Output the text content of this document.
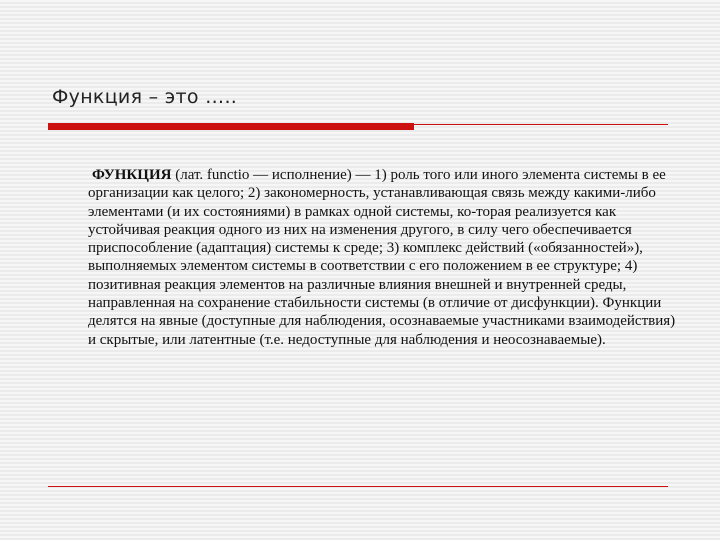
Функция – это …..

ФУНКЦИЯ (лат. functio — исполнение) — 1) роль того или иного элемента системы в ее организации как целого; 2) закономерность, устанавливающая связь между какими-либо элементами (и их состояниями) в рамках одной системы, ко-торая реализуется как устойчивая реакция одного из них на изменения другого, в силу чего обеспечивается приспособление (адаптация) системы к среде; 3) комплекс действий («обязанностей»), выполняемых элементом системы в соответствии с его положением в ее структуре; 4) позитивная реакция элементов на различные влияния внешней и внутренней среды, направленная на сохранение стабильности системы (в отличие от дисфункции). Функции делятся на явные (доступные для наблюдения, осознаваемые участниками взаимодействия) и скрытые, или латентные (т.е. недоступные для наблюдения и неосознаваемые).
